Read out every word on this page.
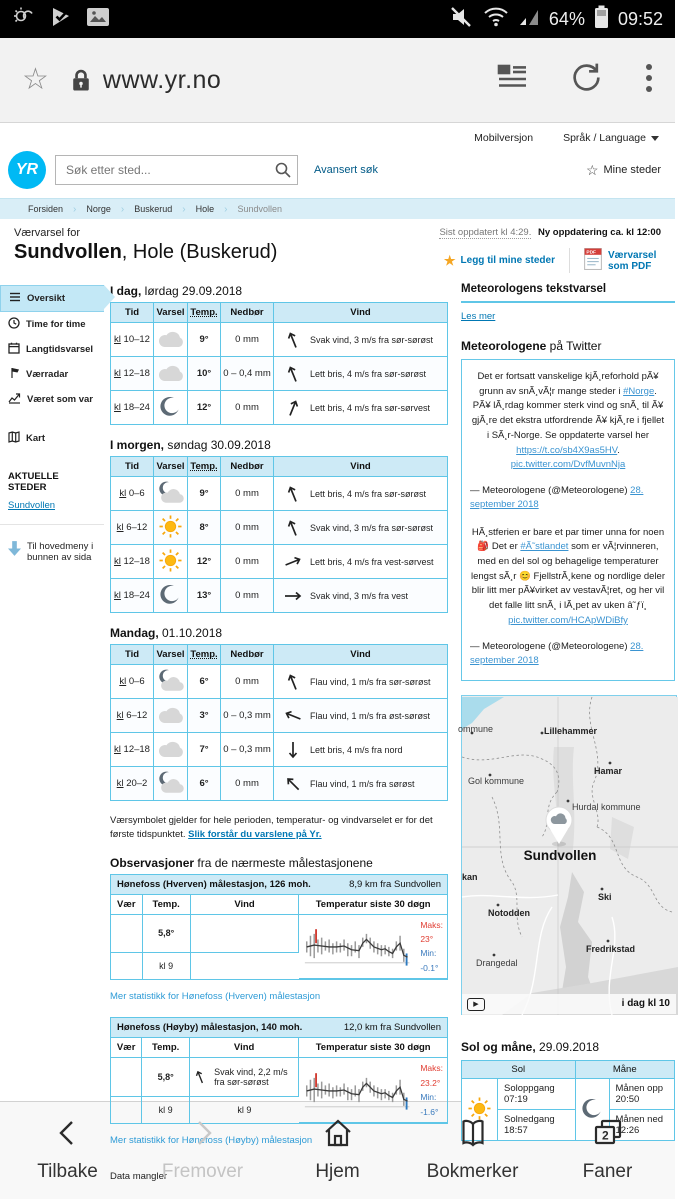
64% 09:52
☆ www.yr.no
Mobilversjon	Språk / Language
YR
Søk etter sted...	Avansert søk	☆ Mine steder
Forsiden › Norge › Buskerud › Hole › Sundvollen
Værvarsel for
Sundvollen, Hole (Buskerud)
Sist oppdatert kl 4:29. Ny oppdatering ca. kl 12:00
★ Legg til mine steder
PDF Værvarsel som PDF
Oversikt
Time for time
Langtidsvarsel
Værradar
Været som var
Kart
AKTUELLE STEDER
Sundvollen
Til hovedmeny i bunnen av sida
I dag, lørdag 29.09.2018
Tid	Varsel	Temp.	Nedbør	Vind
kl 10–12		9°	0 mm	Svak vind, 3 m/s fra sør-sørøst

kl 12–18		10°	0 – 0,4 mm	Lett bris, 4 m/s fra sør-sørøst

kl 18–24		12°	0 mm	Lett bris, 4 m/s fra sør-sørvest
I morgen, søndag 30.09.2018
Tid	Varsel	Temp.	Nedbør	Vind
kl 0–6		9°	0 mm	Lett bris, 4 m/s fra sør-sørøst

kl 6–12		8°	0 mm	Svak vind, 3 m/s fra sør-sørøst

kl 12–18		12°	0 mm	Lett bris, 4 m/s fra vest-sørvest

kl 18–24		13°	0 mm	Svak vind, 3 m/s fra vest
Mandag, 01.10.2018
Tid	Varsel	Temp.	Nedbør	Vind
kl 0–6		6°	0 mm	Flau vind, 1 m/s fra sør-sørøst

kl 6–12		3°	0 – 0,3 mm	Flau vind, 1 m/s fra øst-sørøst

kl 12–18		7°	0 – 0,3 mm	Lett bris, 4 m/s fra nord

kl 20–2		6°	0 mm	Flau vind, 1 m/s fra sørøst

Værsymbolet gjelder for hele perioden, temperatur- og vindvarselet er for det første tidspunktet. Slik forstår du varslene på Yr.

Observasjoner fra de nærmeste målestasjonene
Hønefoss (Hverven) målestasjon, 126 moh.	8,9 km fra Sundvollen
Vær	Temp.	Vind	Temperatur siste 30 døgn
	5,8°		Maks: 23°
Min: -0.1°

	kl 9		
Mer statistikk for Hønefoss (Hverven) målestasjon
Hønefoss (Høyby) målestasjon, 140 moh.	12,0 km fra Sundvollen
Vær	Temp.	Vind	Temperatur siste 30 døgn
	5,8°	Svak vind, 2,2 m/s fra sør-sørøst	Maks: 23.2°
Min: -1.6°

	kl 9	kl 9	
Mer statistikk for Hønefoss (Høyby) målestasjon
Data mangler
Meteorologens tekstvarsel
Les mer
Meteorologene på Twitter
Det er fortsatt vanskelige kjÃ¸reforhold pÃ¥ grunn av snÃ¸vÃ¦r mange steder i #Norge. PÃ¥ lÃ¸rdag kommer sterk vind og snÃ¸ til Ã¥ gjÃ¸re det ekstra utfordrende Ã¥ kjÃ¸re i fjellet i SÃ¸r-Norge. Se oppdaterte varsel her https://t.co/sb4X9as5HV. pic.twitter.com/DvfMuvnNja
— Meteorologene (@Meteorologene) 28. september 2018
HÃ¸stferien er bare et par timer unna for noen 🎒 Det er #Ã˜stlandet som er vÃ¦rvinneren, med en del sol og behagelige temperaturer lengst sÃ¸r 😊 FjellstrÃ¸kene og nordlige deler blir litt mer pÃ¥virket av vestavÃ¦ret, og her vil det falle litt snÃ¸ i lÃ¸pet av uken â˜ƒï¸
pic.twitter.com/HCApWDiBfy
— Meteorologene (@Meteorologene) 28. september 2018
ommune	Lillehammer
Hamar
Gol kommune
Hurdal kommune
kan
Ski
Notodden
Fredrikstad
Drangedal
Sundvollen
▶	i dag kl 10
Sol og måne, 29.09.2018
Sol		Måne	
	Soloppgang 07:19		Månen opp 20:50
	Solnedgang 18:57		Månen ned 12:26
Tilbake	Fremover	Hjem	Bokmerker
2
Faner
